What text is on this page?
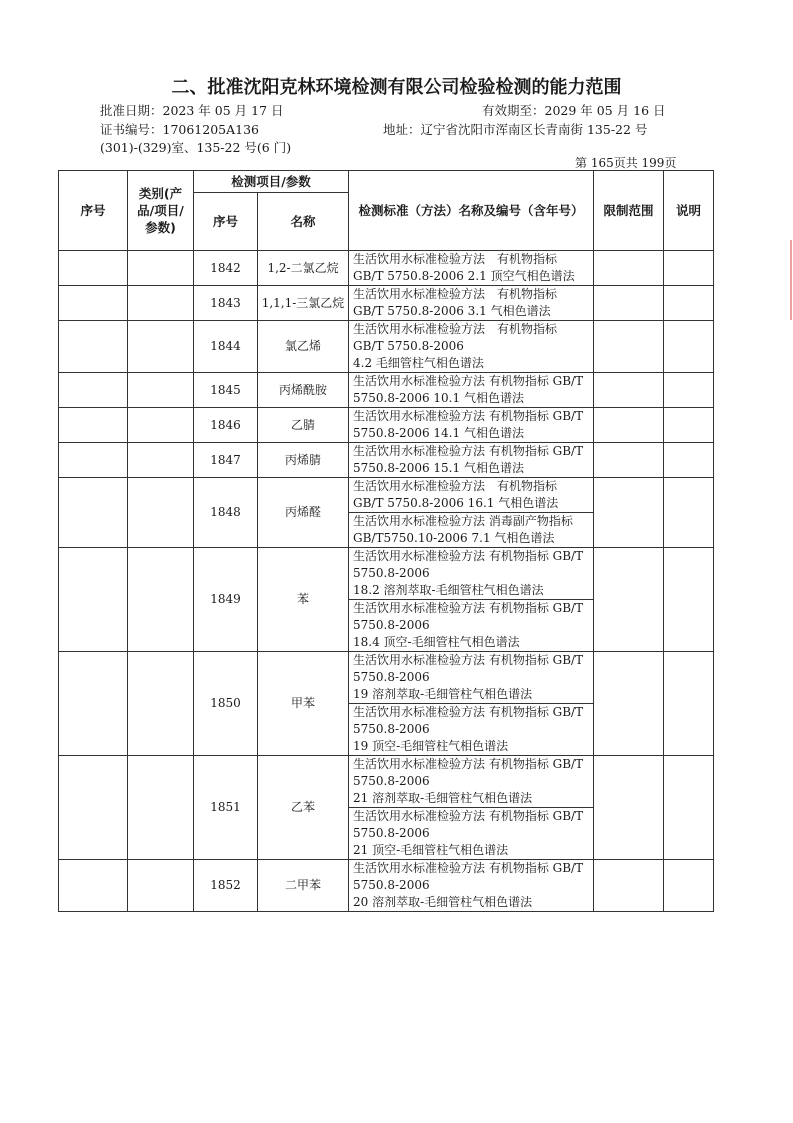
二、批准沈阳克林环境检测有限公司检验检测的能力范围
批准日期：2023 年 05 月 17 日	有效期至：2029 年 05 月 16 日
证书编号：17061205A136	地址：辽宁省沈阳市浑南区长青南街 135-22 号
(301)-(329)室、135-22 号(6 门)
第 165页共 199页
序号	类别(产品/项目/参数)	检测项目/参数		检测标准（方法）名称及编号（含年号）	限制范围	说明
		序号	名称			
		1842	1,2-二氯乙烷	生活饮用水标准检验方法　有机物指标 GB/T 5750.8-2006 2.1 顶空气相色谱法		
		1843	1,1,1-三氯乙烷	生活饮用水标准检验方法　有机物指标 GB/T 5750.8-2006 3.1 气相色谱法		
		1844	氯乙烯	生活饮用水标准检验方法　有机物指标 GB/T 5750.8-2006
4.2 毛细管柱气相色谱法		
		1845	丙烯酰胺	生活饮用水标准检验方法 有机物指标 GB/T 5750.8-2006 10.1 气相色谱法		
		1846	乙腈	生活饮用水标准检验方法 有机物指标 GB/T 5750.8-2006 14.1 气相色谱法		
		1847	丙烯腈	生活饮用水标准检验方法 有机物指标 GB/T 5750.8-2006 15.1 气相色谱法		
		1848	丙烯醛	生活饮用水标准检验方法　有机物指标 GB/T 5750.8-2006 16.1 气相色谱法		
				生活饮用水标准检验方法 消毒副产物指标 GB/T5750.10-2006 7.1 气相色谱法		
		1849	苯	生活饮用水标准检验方法 有机物指标 GB/T 5750.8-2006
18.2 溶剂萃取-毛细管柱气相色谱法		
				生活饮用水标准检验方法 有机物指标 GB/T 5750.8-2006
18.4 顶空-毛细管柱气相色谱法		
		1850	甲苯	生活饮用水标准检验方法 有机物指标 GB/T 5750.8-2006
19 溶剂萃取-毛细管柱气相色谱法		
				生活饮用水标准检验方法 有机物指标 GB/T 5750.8-2006
19 顶空-毛细管柱气相色谱法		
		1851	乙苯	生活饮用水标准检验方法 有机物指标 GB/T 5750.8-2006
21 溶剂萃取-毛细管柱气相色谱法		
				生活饮用水标准检验方法 有机物指标 GB/T 5750.8-2006
21 顶空-毛细管柱气相色谱法		
		1852	二甲苯	生活饮用水标准检验方法 有机物指标 GB/T 5750.8-2006
20 溶剂萃取-毛细管柱气相色谱法		
